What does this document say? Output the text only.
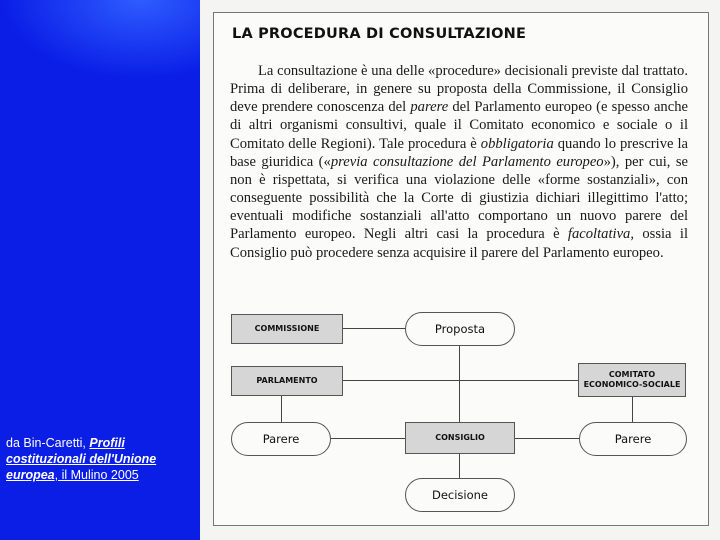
da Bin-Caretti, Profili costituzionali dell'Unione europea, il Mulino 2005
LA PROCEDURA DI CONSULTAZIONE

La consultazione è una delle «procedure» decisionali previste dal trattato. Prima di deliberare, in genere su proposta della Commissione, il Consiglio deve prendere conoscenza del parere del Parlamento europeo (e spesso anche di altri organismi consultivi, quale il Comitato economico e sociale o il Comitato delle Regioni). Tale procedura è obbligatoria quando lo prescrive la base giuridica («previa consultazione del Parlamento europeo»), per cui, se non è rispettata, si verifica una violazione delle «forme sostanziali», con conseguente possibilità che la Corte di giustizia dichiari illegittimo l'atto; eventuali modifiche sostanziali all'atto comportano un nuovo parere del Parlamento europeo. Negli altri casi la procedura è facoltativa, ossia il Consiglio può procedere senza acquisire il parere del Parlamento europeo.

COMMISSIONE	Proposta
PARLAMENTO
COMITATO ECONOMICO-SOCIALE
Parere	CONSIGLIO	Parere
Decisione
